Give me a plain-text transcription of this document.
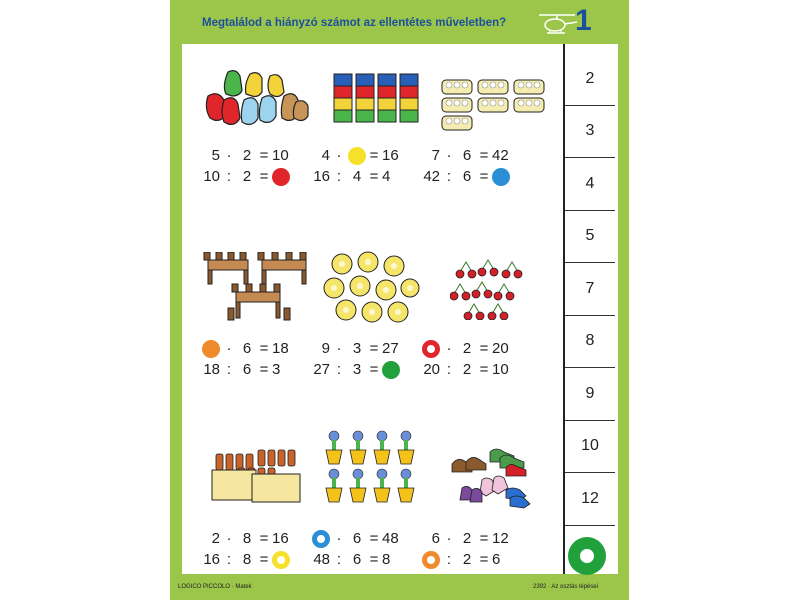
Megtalálod a hiányzó számot az ellentétes műveletben?	1
2
3
4
5
7
8
9
10
12
5 · 2 = 10
10 : 2 =
4 ·	= 16
16 : 4 = 4
7 · 6 = 42
42 : 6 =
· 6 = 18
18 : 6 = 3
9 · 3 = 27
27 : 3 =
· 2 = 20
20 : 2 = 10
2 · 8 = 16
16 : 8 =
· 6 = 48
48 : 6 = 8
6 · 2 = 12
: 2 = 6
LOGICO PICCOLO · Matek	2392 · Az osztás lépései
